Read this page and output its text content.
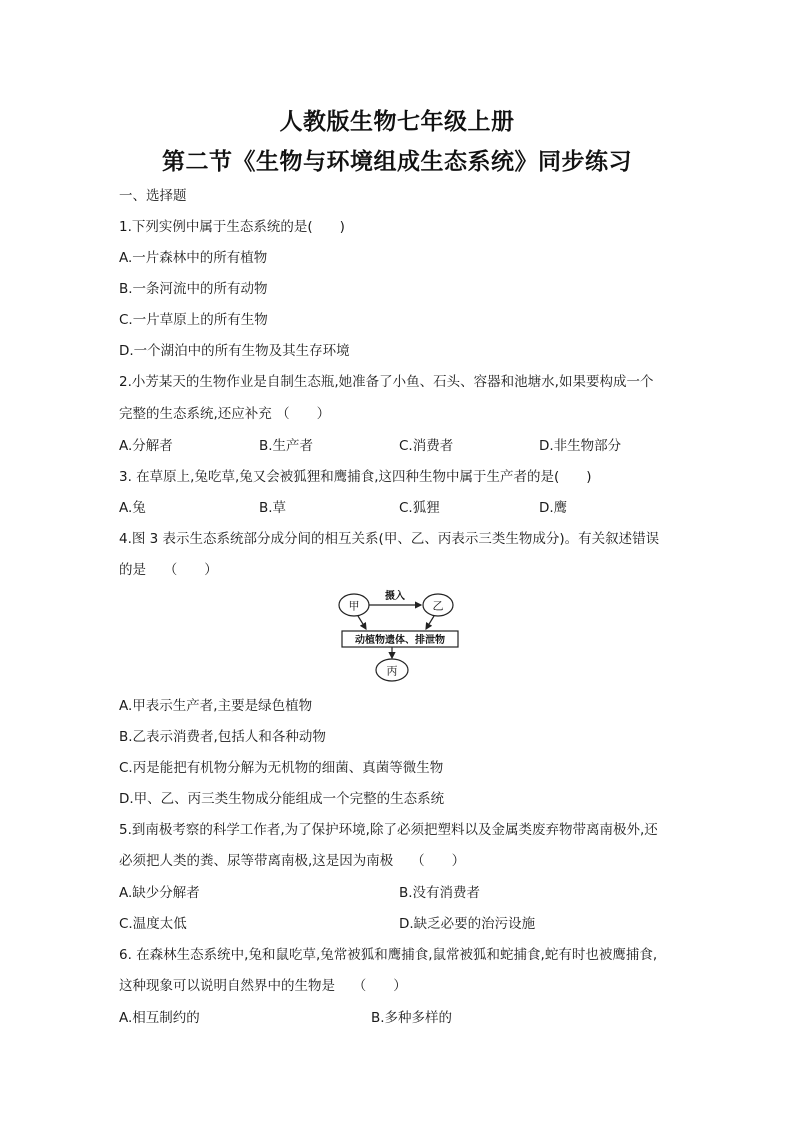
人教版生物七年级上册
第二节《生物与环境组成生态系统》同步练习
一、选择题
1.下列实例中属于生态系统的是(　　)
A.一片森林中的所有植物
B.一条河流中的所有动物
C.一片草原上的所有生物
D.一个湖泊中的所有生物及其生存环境
2.小芳某天的生物作业是自制生态瓶,她准备了小鱼、石头、容器和池塘水,如果要构成一个
完整的生态系统,还应补充 （　　）
A.分解者	B.生产者	C.消费者	D.非生物部分
3. 在草原上,兔吃草,兔又会被狐狸和鹰捕食,这四种生物中属于生产者的是(　　)
A.兔	B.草	C.狐狸	D.鹰
4.图 3 表示生态系统部分成分间的相互关系(甲、乙、丙表示三类生物成分)。有关叙述错误
的是　 （　　）
甲	乙
摄入
动植物遗体、排泄物
丙
A.甲表示生产者,主要是绿色植物
B.乙表示消费者,包括人和各种动物
C.丙是能把有机物分解为无机物的细菌、真菌等微生物
D.甲、乙、丙三类生物成分能组成一个完整的生态系统
5.到南极考察的科学工作者,为了保护环境,除了必须把塑料以及金属类废弃物带离南极外,还
必须把人类的粪、尿等带离南极,这是因为南极　 （　　）
A.缺少分解者	B.没有消费者
C.温度太低	D.缺乏必要的治污设施
6. 在森林生态系统中,兔和鼠吃草,兔常被狐和鹰捕食,鼠常被狐和蛇捕食,蛇有时也被鹰捕食,
这种现象可以说明自然界中的生物是　 （　　）
A.相互制约的	B.多种多样的
